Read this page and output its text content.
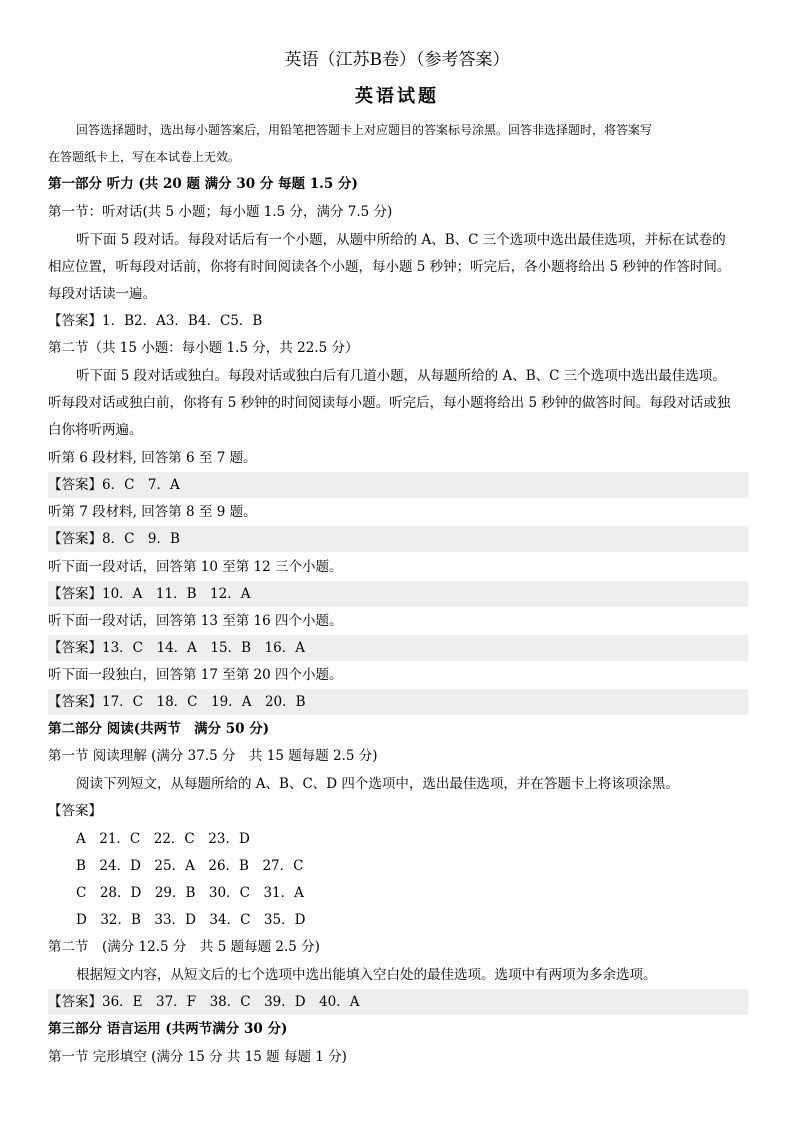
英语（江苏B卷）（参考答案）
英语试题
回答选择题时，选出每小题答案后，用铅笔把答题卡上对应题目的答案标号涂黑。回答非选择题时，将答案写
在答题纸卡上，写在本试卷上无效。
第一部分 听力 (共 20 题 满分 30 分 每题 1.5 分)
第一节：听对话(共 5 小题；每小题 1.5 分，满分 7.5 分)
听下面 5 段对话。每段对话后有一个小题，从题中所给的 A、B、C 三个选项中选出最佳选项，并标在试卷的
相应位置，听每段对话前，你将有时间阅读各个小题，每小题 5 秒钟；听完后，各小题将给出 5 秒钟的作答时间。
每段对话读一遍。
【答案】1．B2．A3．B4．C5．B
第二节（共 15 小题：每小题 1.5 分，共 22.5 分）
听下面 5 段对话或独白。每段对话或独白后有几道小题，从每题所给的 A、B、C 三个选项中选出最佳选项。
听每段对话或独白前，你将有 5 秒钟的时间阅读每小题。听完后，每小题将给出 5 秒钟的做答时间。每段对话或独
白你将听两遍。
听第 6 段材料, 回答第 6 至 7 题。
【答案】6．C　7．A
听第 7 段材料, 回答第 8 至 9 题。
【答案】8．C　9．B
听下面一段对话，回答第 10 至第 12 三个小题。
【答案】10．A　11．B　12．A
听下面一段对话，回答第 13 至第 16 四个小题。
【答案】13．C　14．A　15．B　16．A
听下面一段独白，回答第 17 至第 20 四个小题。
【答案】17．C　18．C　19．A　20．B
第二部分 阅读(共两节　满分 50 分)
第一节 阅读理解 (满分 37.5 分　共 15 题每题 2.5 分)
阅读下列短文，从每题所给的 A、B、C、D 四个选项中，选出最佳选项，并在答题卡上将该项涂黑。
【答案】
A　21．C　22．C　23．D
B　24．D　25．A　26．B　27．C
C　28．D　29．B　30．C　31．A
D　32．B　33．D　34．C　35．D
第二节　(满分 12.5 分　共 5 题每题 2.5 分)
根据短文内容，从短文后的七个选项中选出能填入空白处的最佳选项。选项中有两项为多余选项。
【答案】36．E　37．F　38．C　39．D　40．A
第三部分 语言运用 (共两节满分 30 分)
第一节 完形填空 (满分 15 分 共 15 题 每题 1 分)
